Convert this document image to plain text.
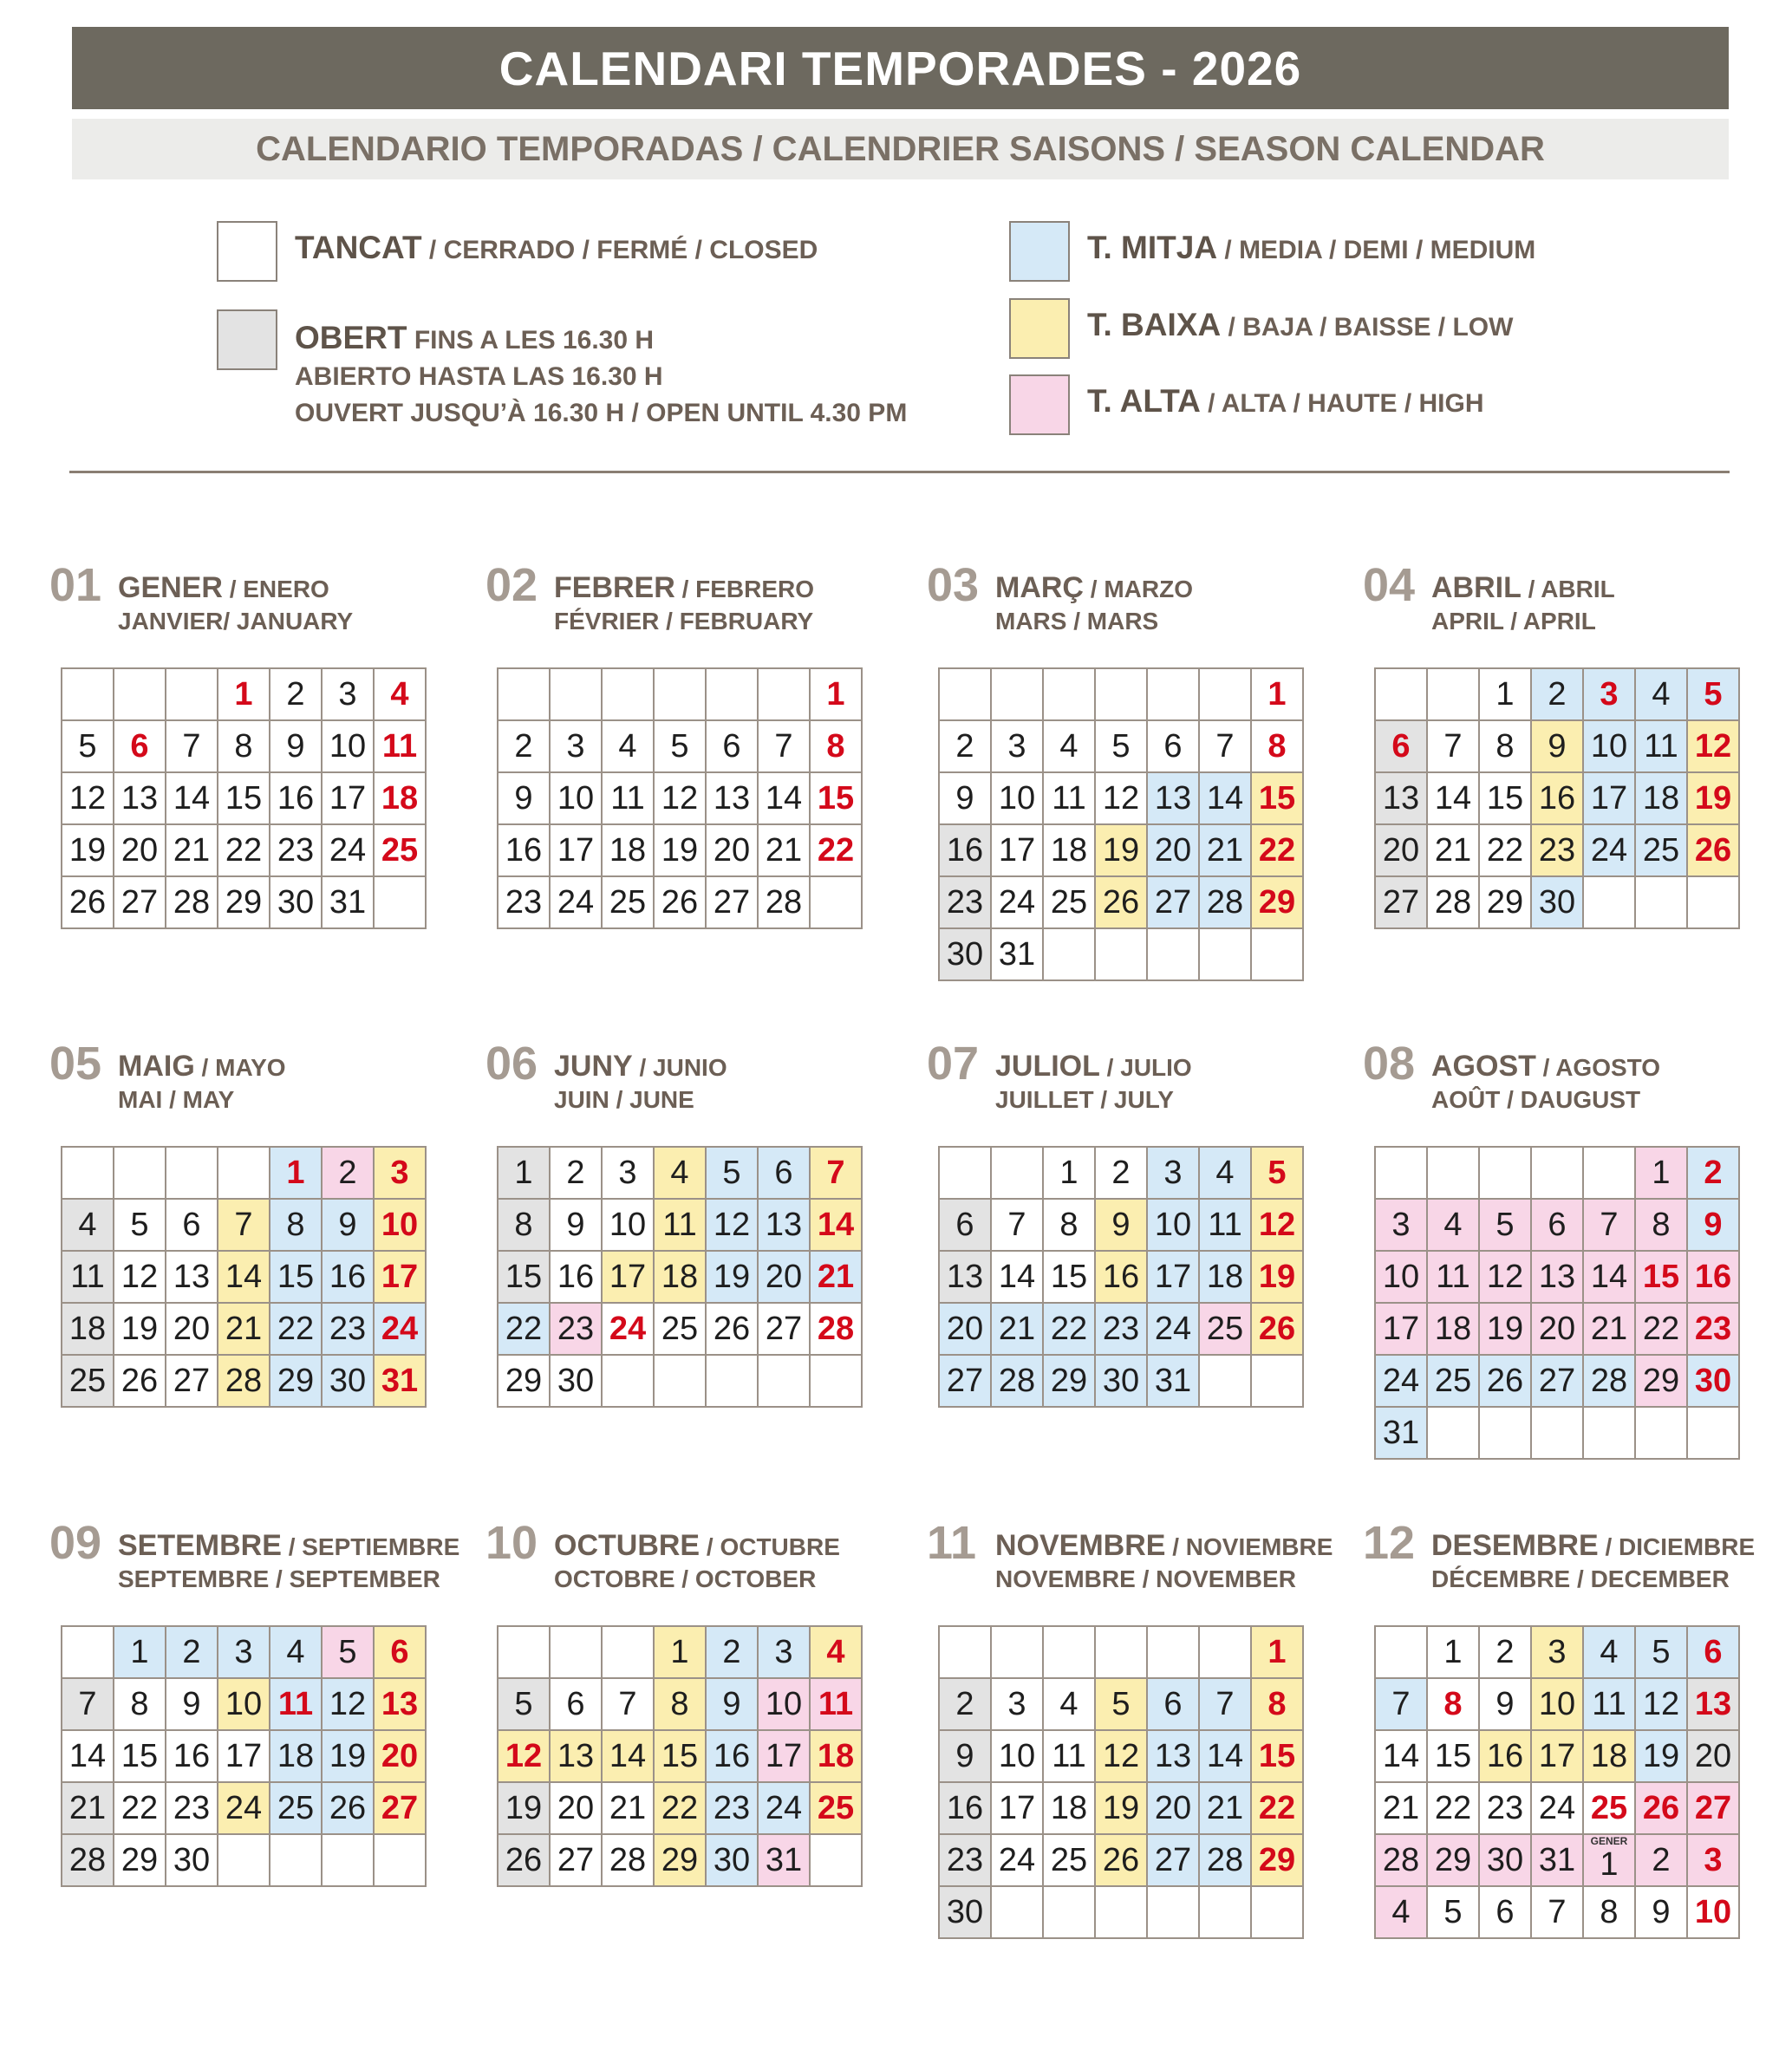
CALENDARI TEMPORADES - 2026
CALENDARIO TEMPORADAS / CALENDRIER SAISONS / SEASON CALENDAR
TANCAT / CERRADO / FERMÉ / CLOSED
OBERT FINS A LES 16.30 H
ABIERTO HASTA LAS 16.30 H
OUVERT JUSQU’À 16.30 H / OPEN UNTIL 4.30 PM
T. MITJA / MEDIA / DEMI / MEDIUM
T. BAIXA / BAJA / BAISSE / LOW
T. ALTA / ALTA / HAUTE / HIGH
01 GENER / ENERO
JANVIER/ JANUARY
1 2 3 4
5 6 7 8 9 10 11
12 13 14 15 16 17 18
19 20 21 22 23 24 25
26 27 28 29 30 31
02 FEBRER / FEBRERO
FÉVRIER / FEBRUARY
1
2 3 4 5 6 7 8
9 10 11 12 13 14 15
16 17 18 19 20 21 22
23 24 25 26 27 28
03 MARÇ / MARZO
MARS / MARS
1
2 3 4 5 6 7 8
9 10 11 12 13 14 15
16 17 18 19 20 21 22
23 24 25 26 27 28 29
30 31
04 ABRIL / ABRIL
APRIL / APRIL
1 2 3 4 5
6 7 8 9 10 11 12
13 14 15 16 17 18 19
20 21 22 23 24 25 26
27 28 29 30
05 MAIG / MAYO
MAI / MAY
1 2 3
4 5 6 7 8 9 10
11 12 13 14 15 16 17
18 19 20 21 22 23 24
25 26 27 28 29 30 31
06 JUNY / JUNIO
JUIN / JUNE
1 2 3 4 5 6 7
8 9 10 11 12 13 14
15 16 17 18 19 20 21
22 23 24 25 26 27 28
29 30
07 JULIOL / JULIO
JUILLET / JULY
1 2 3 4 5
6 7 8 9 10 11 12
13 14 15 16 17 18 19
20 21 22 23 24 25 26
27 28 29 30 31
08 AGOST / AGOSTO
AOÛT / DAUGUST
1 2
3 4 5 6 7 8 9
10 11 12 13 14 15 16
17 18 19 20 21 22 23
24 25 26 27 28 29 30
31
09 SETEMBRE / SEPTIEMBRE
SEPTEMBRE / SEPTEMBER
1 2 3 4 5 6
7 8 9 10 11 12 13
14 15 16 17 18 19 20
21 22 23 24 25 26 27
28 29 30
10 OCTUBRE / OCTUBRE
OCTOBRE / OCTOBER
1 2 3 4
5 6 7 8 9 10 11
12 13 14 15 16 17 18
19 20 21 22 23 24 25
26 27 28 29 30 31
11 NOVEMBRE / NOVIEMBRE
NOVEMBRE / NOVEMBER
1
2 3 4 5 6 7 8
9 10 11 12 13 14 15
16 17 18 19 20 21 22
23 24 25 26 27 28 29
30
12 DESEMBRE / DICIEMBRE
DÉCEMBRE / DECEMBER
1 2 3 4 5 6
7 8 9 10 11 12 13
14 15 16 17 18 19 20
21 22 23 24 25 26 27
28 29 30 31
GENER
1 2 3
4 5 6 7 8 9 10
